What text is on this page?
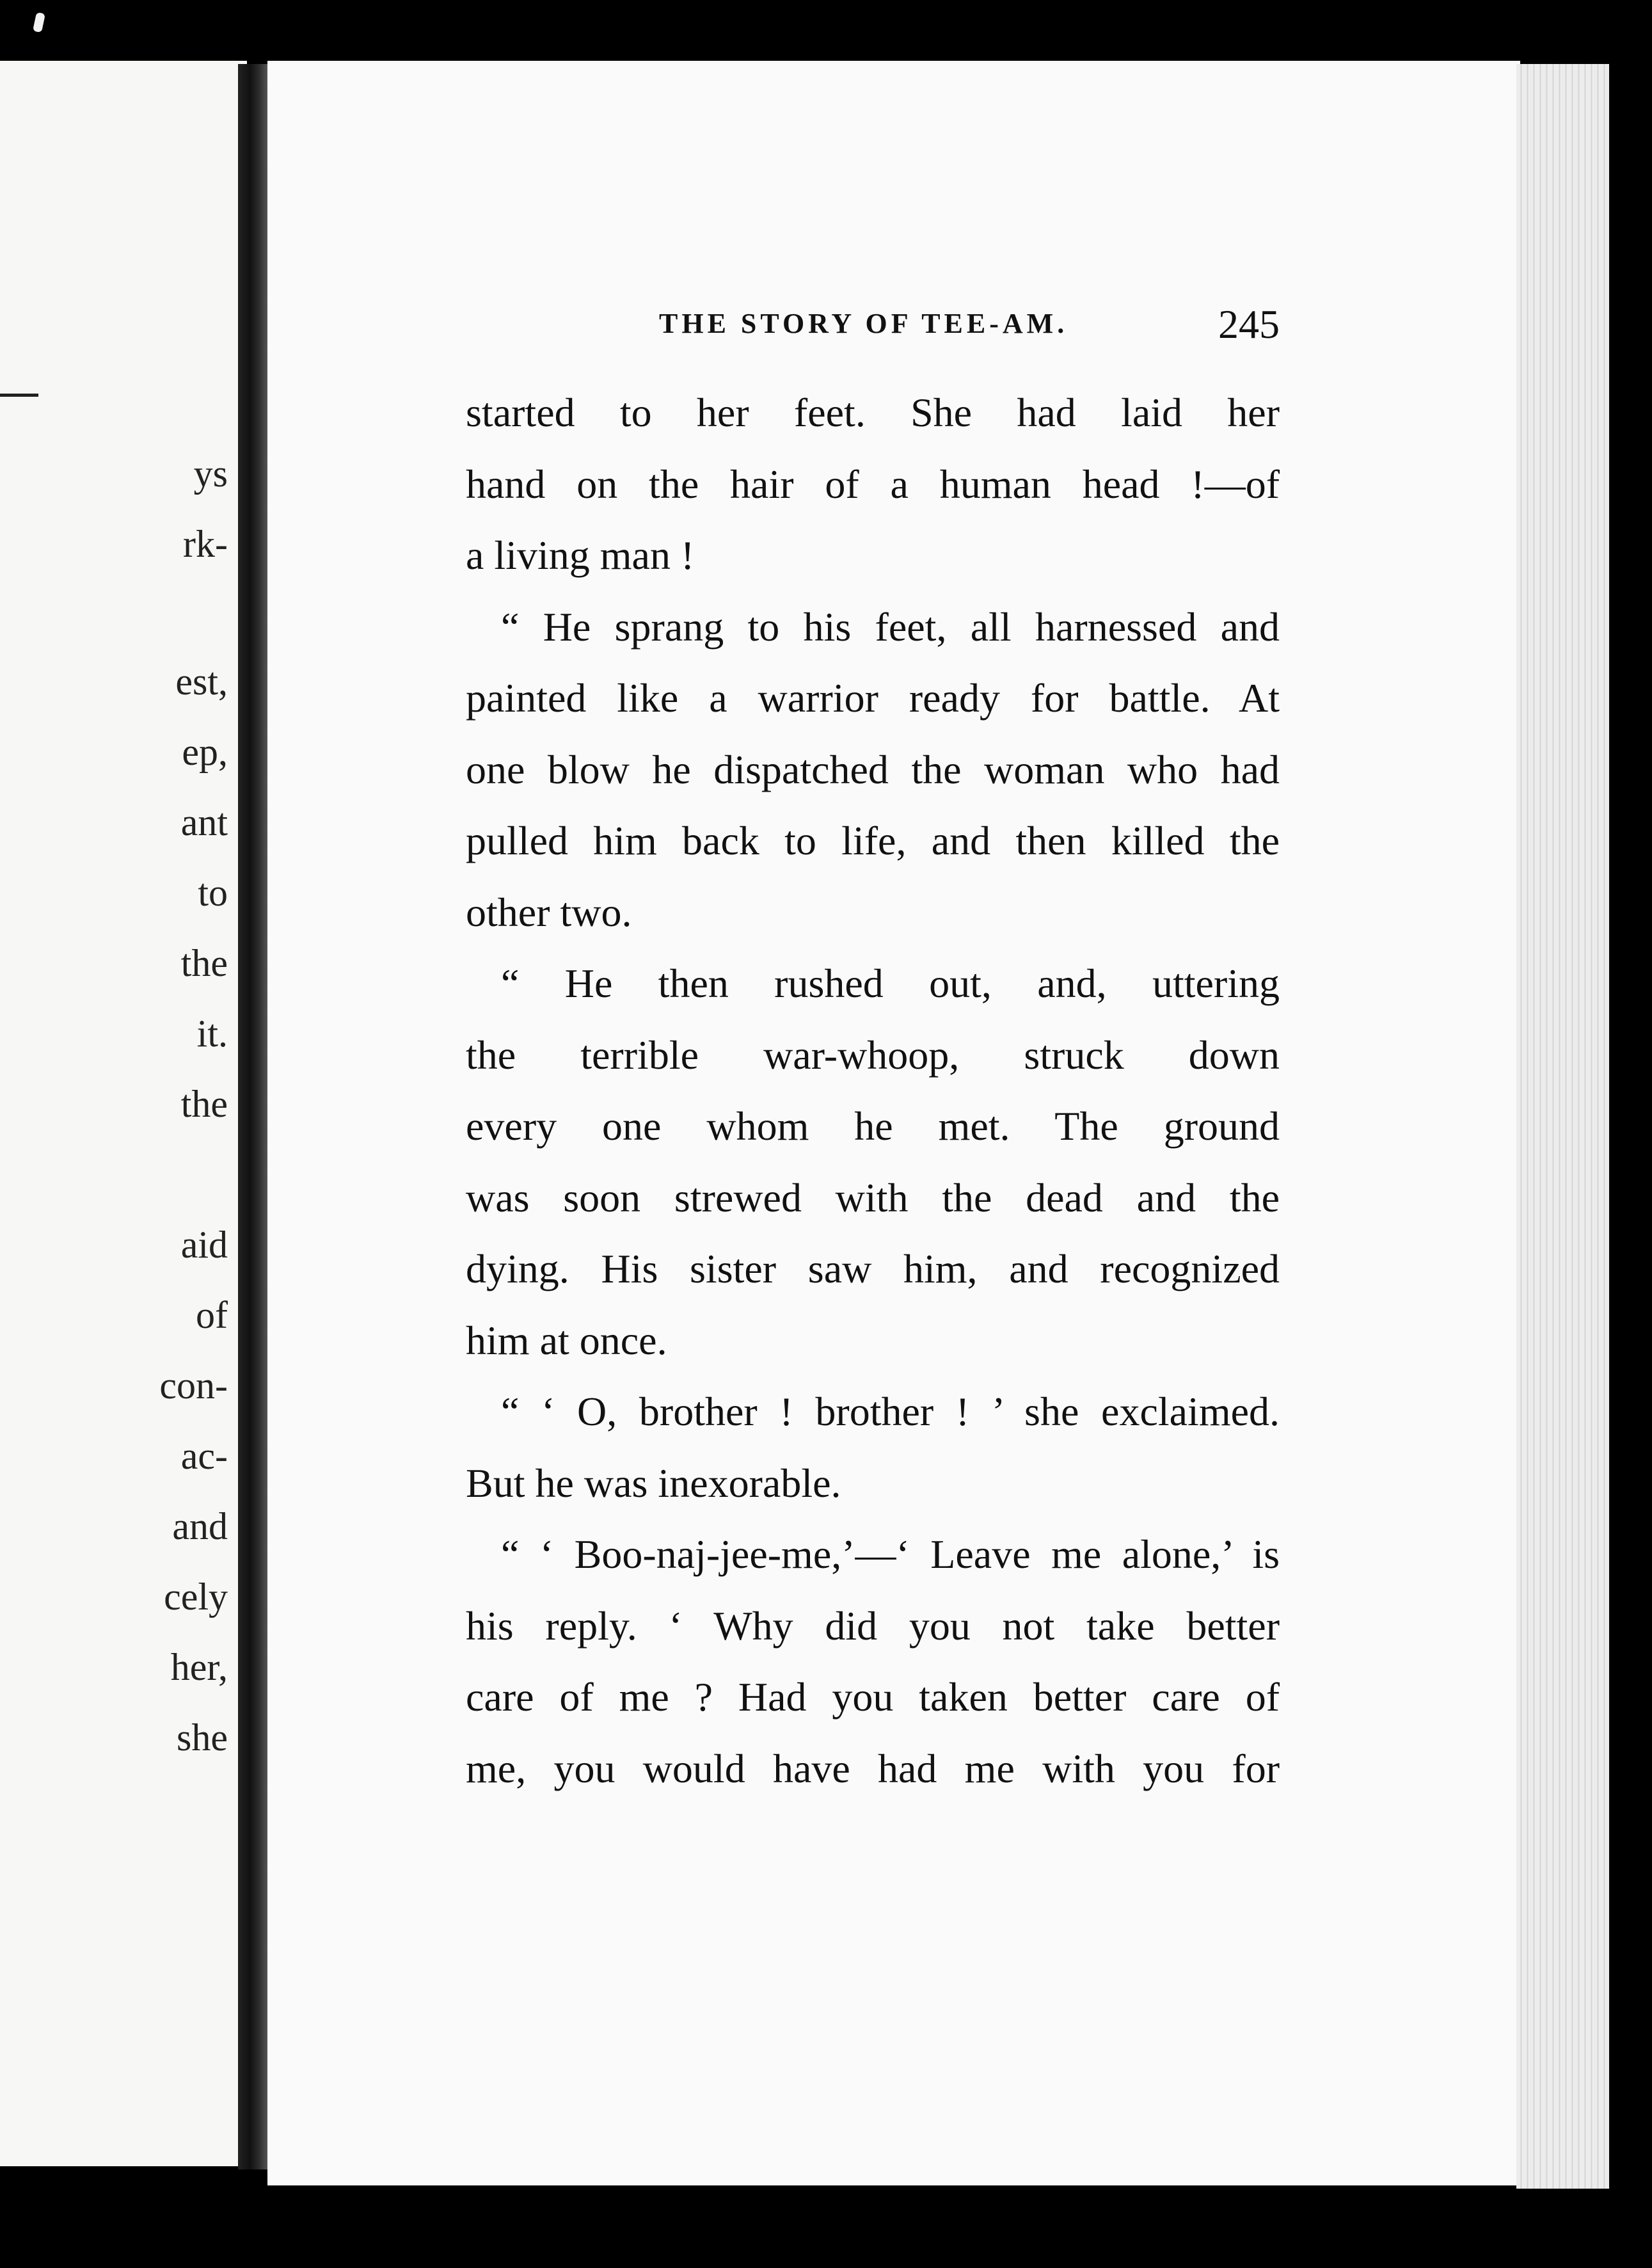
ys
rk-
est,
ep,
ant
to
the
it.
the
aid
of
con-
ac-
and
cely
her,
she
THE STORY OF TEE-AM.	245
started to her feet. She had laid her
hand on the hair of a human head !—of
a living man !
“ He sprang to his feet, all harnessed and
painted like a warrior ready for battle. At
one blow he dispatched the woman who had
pulled him back to life, and then killed the
other two.
“ He then rushed out, and, uttering
the terrible war-whoop, struck down
every one whom he met. The ground
was soon strewed with the dead and the
dying. His sister saw him, and recognized
him at once.
“ ‘ O, brother ! brother ! ’ she exclaimed.
But he was inexorable.
“ ‘ Boo-naj-jee-me,’—‘ Leave me alone,’ is
his reply. ‘ Why did you not take better
care of me ? Had you taken better care of
me, you would have had me with you for
